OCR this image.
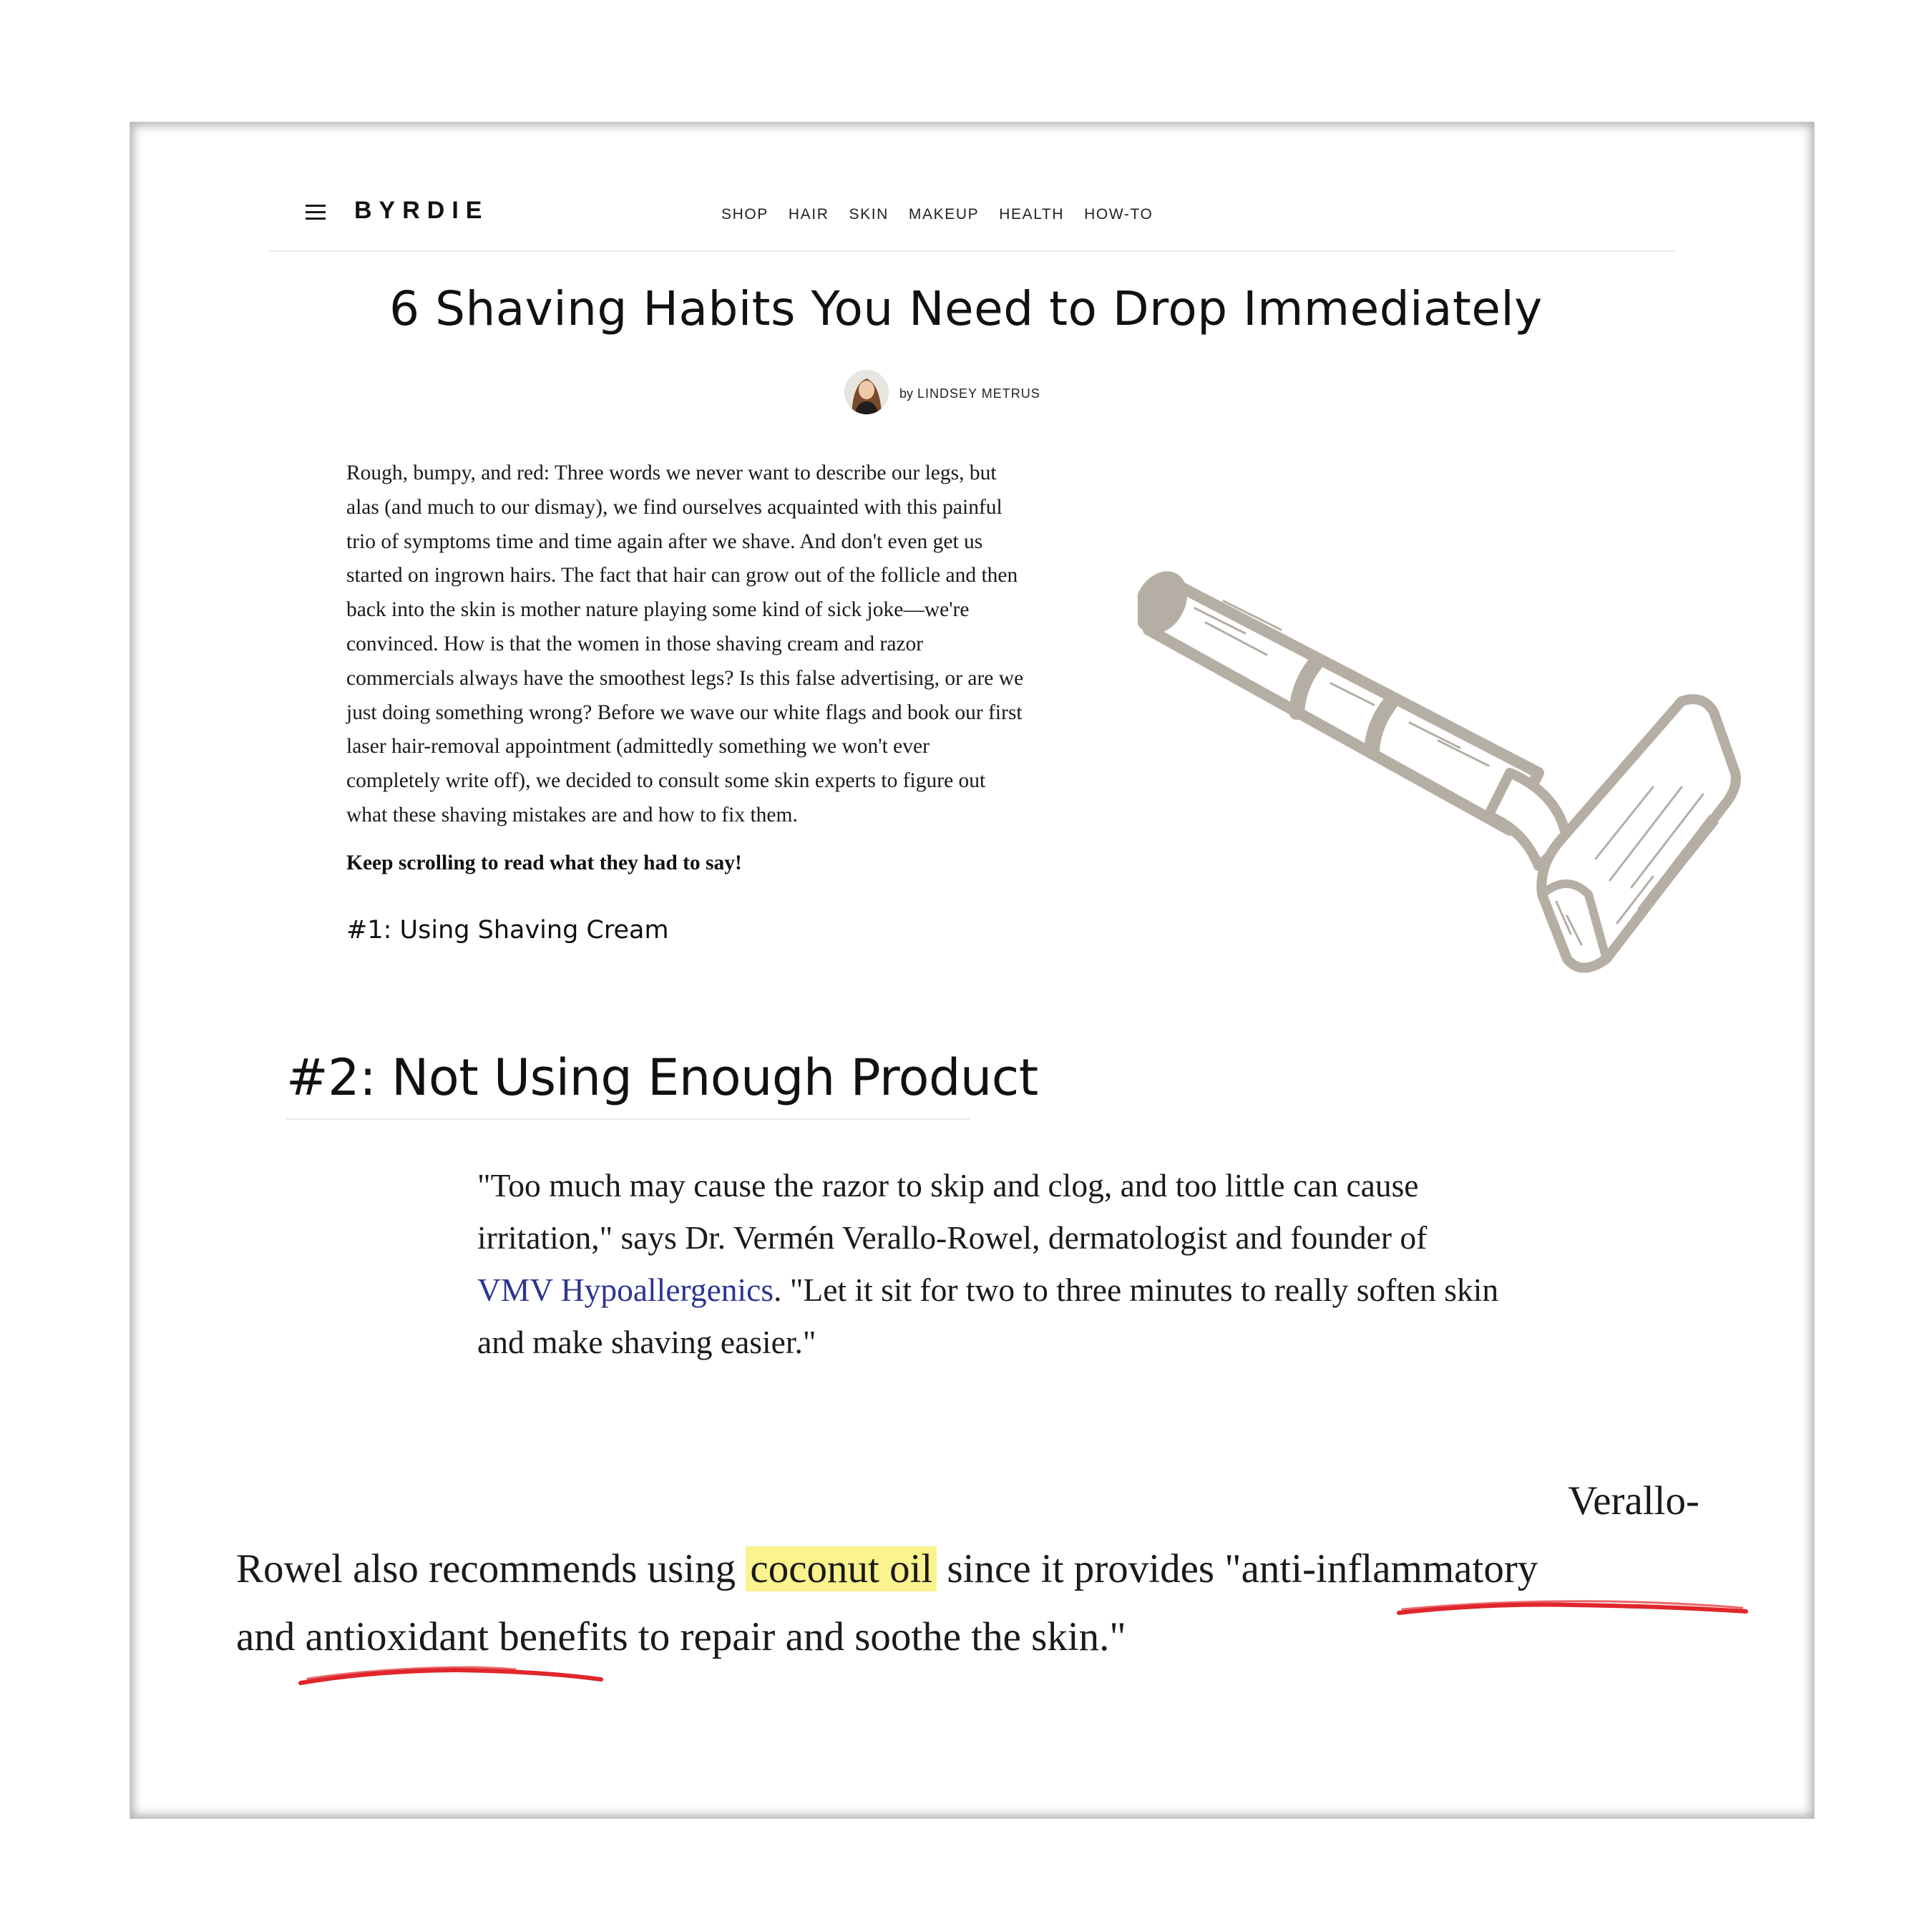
BYRDIE	SHOP HAIR SKIN MAKEUP HEALTH HOW-TO
6 Shaving Habits You Need to Drop Immediately
by LINDSEY METRUS

Rough, bumpy, and red: Three words we never want to describe our legs, but
alas (and much to our dismay), we find ourselves acquainted with this painful
trio of symptoms time and time again after we shave. And don't even get us
started on ingrown hairs. The fact that hair can grow out of the follicle and then
back into the skin is mother nature playing some kind of sick joke—we're
convinced. How is that the women in those shaving cream and razor
commercials always have the smoothest legs? Is this false advertising, or are we
just doing something wrong? Before we wave our white flags and book our first
laser hair-removal appointment (admittedly something we won't ever
completely write off), we decided to consult some skin experts to figure out
what these shaving mistakes are and how to fix them.

Keep scrolling to read what they had to say!
#1: Using Shaving Cream
#2: Not Using Enough Product

"Too much may cause the razor to skip and clog, and too little can cause
irritation," says Dr. Vermén Verallo-Rowel, dermatologist and founder of
VMV Hypoallergenics. "Let it sit for two to three minutes to really soften skin
and make shaving easier."

Verallo-
Rowel also recommends using coconut oil since it provides "anti-inflammatory
and antioxidant benefits to repair and soothe the skin."
